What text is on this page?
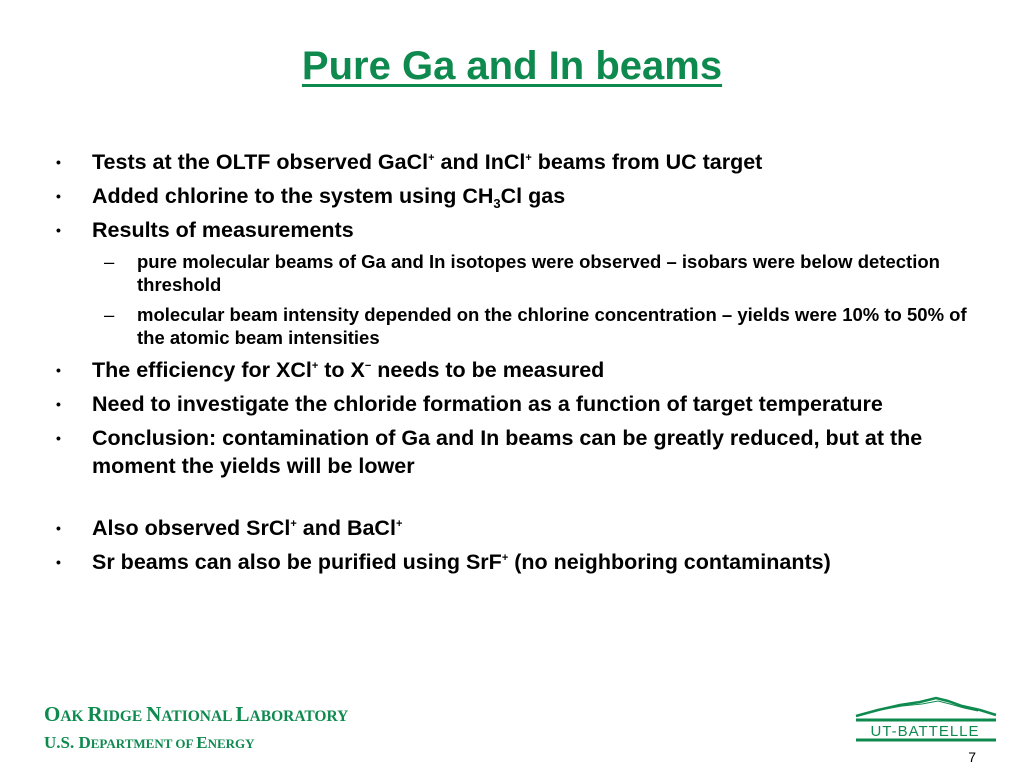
Pure Ga and In beams
• Tests at the OLTF observed GaCl+ and InCl+ beams from UC target
• Added chlorine to the system using $CH_3Cl$ gas
• Results of measurements
– pure molecular beams of Ga and In isotopes were observed – isobars were below detection threshold
– molecular beam intensity depended on the chlorine concentration – yields were 10% to 50% of the atomic beam intensities
• The efficiency for XCl+ to X− needs to be measured
• Need to investigate the chloride formation as a function of target temperature
• Conclusion: contamination of Ga and In beams can be greatly reduced, but at the moment the yields will be lower
• Also observed SrCl+ and BaCl+
• Sr beams can also be purified using SrF+ (no neighboring contaminants)
OAK RIDGE NATIONAL LABORATORY
U.S. DEPARTMENT OF ENERGY
UT-BATTELLE
7
